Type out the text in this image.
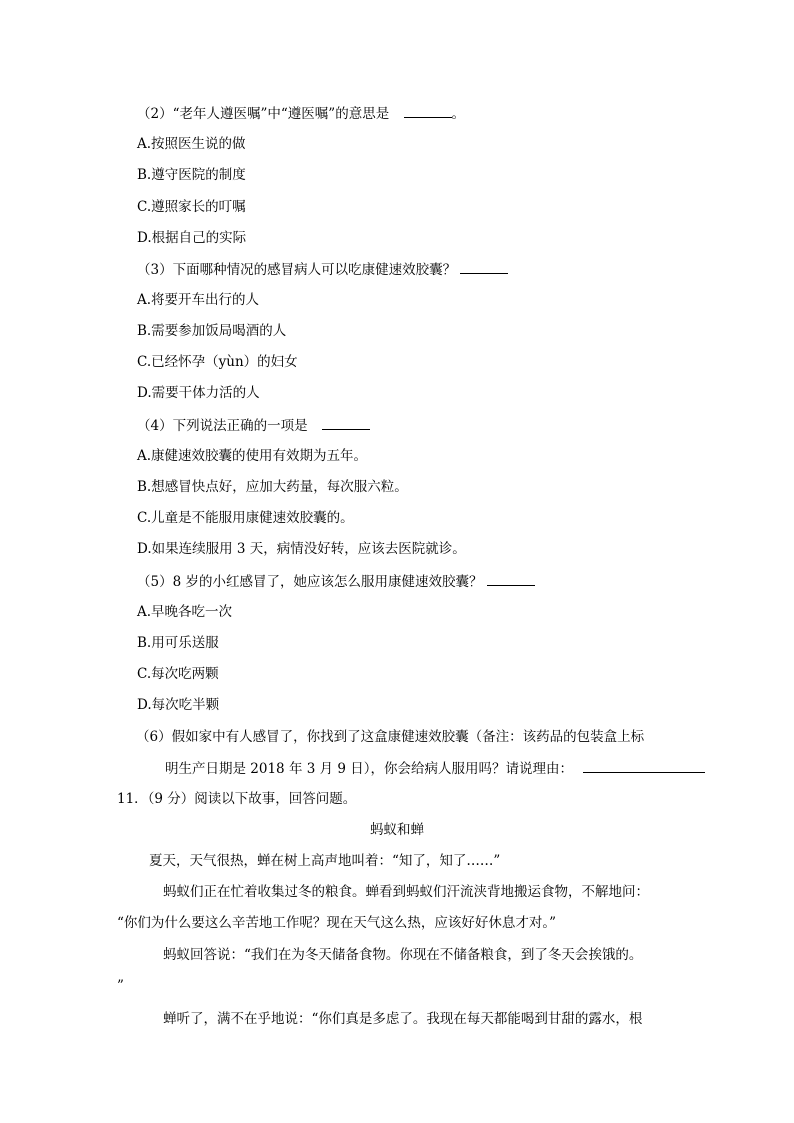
（2）“老年人遵医嘱”中“遵医嘱”的意思是	。
A.按照医生说的做
B.遵守医院的制度
C.遵照家长的叮嘱
D.根据自己的实际
（3）下面哪种情况的感冒病人可以吃康健速效胶囊？
A.将要开车出行的人
B.需要参加饭局喝酒的人
C.已经怀孕（yùn）的妇女
D.需要干体力活的人
（4）下列说法正确的一项是
A.康健速效胶囊的使用有效期为五年。
B.想感冒快点好，应加大药量，每次服六粒。
C.儿童是不能服用康健速效胶囊的。
D.如果连续服用 3 天，病情没好转，应该去医院就诊。
（5）8 岁的小红感冒了，她应该怎么服用康健速效胶囊？
A.早晚各吃一次
B.用可乐送服
C.每次吃两颗
D.每次吃半颗
（6）假如家中有人感冒了，你找到了这盒康健速效胶囊（备注：该药品的包装盒上标
明生产日期是 2018 年 3 月 9 日），你会给病人服用吗？请说理由：
11．（9 分）阅读以下故事，回答问题。
蚂蚁和蝉
夏天，天气很热，蝉在树上高声地叫着：“知了，知了……”
蚂蚁们正在忙着收集过冬的粮食。蝉看到蚂蚁们汗流浃背地搬运食物，不解地问：
“你们为什么要这么辛苦地工作呢？现在天气这么热，应该好好休息才对。”
蚂蚁回答说：“我们在为冬天储备食物。你现在不储备粮食，到了冬天会挨饿的。
”
蝉听了，满不在乎地说：“你们真是多虑了。我现在每天都能喝到甘甜的露水，根
